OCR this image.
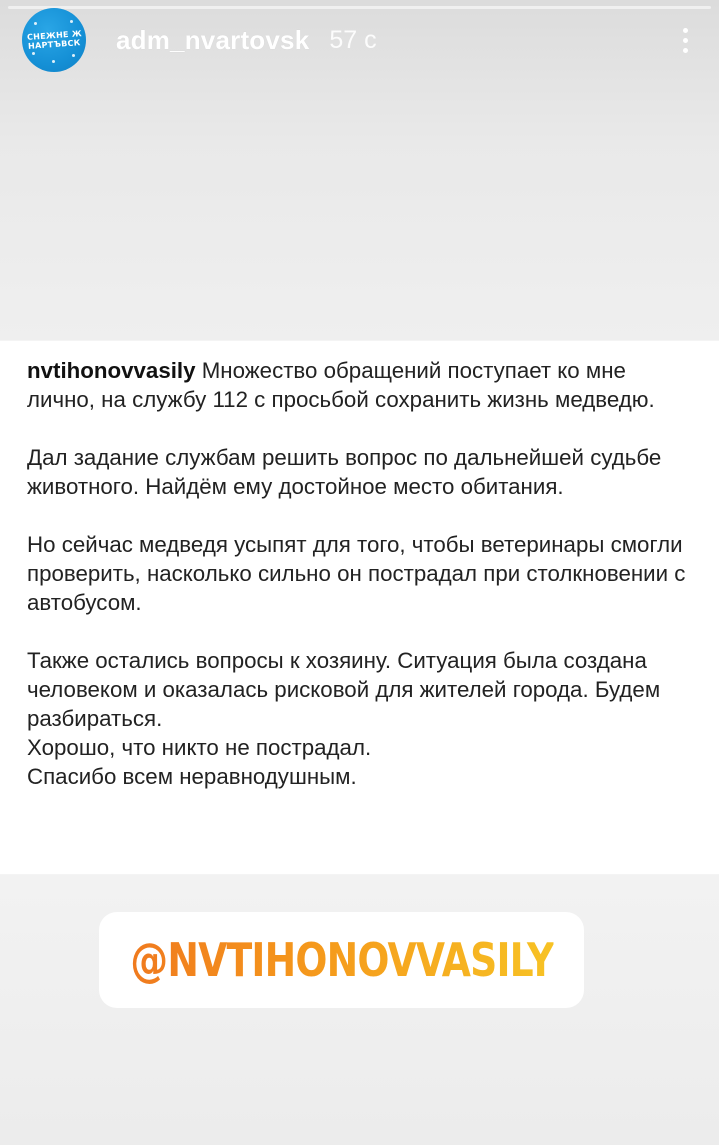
СНЕЖНЕ Ж
НАРТЪВСК adm_nvartovsk 57 с

nvtihonovvasily Множество обращений поступает ко мне лично, на службу 112 с просьбой сохранить жизнь медведю.

Дал задание службам решить вопрос по дальнейшей судьбе животного. Найдём ему достойное место обитания.

Но сейчас медведя усыпят для того, чтобы ветеринары смогли проверить, насколько сильно он пострадал при столкновении с автобусом.

Также остались вопросы к хозяину. Ситуация была создана человеком и оказалась рисковой для жителей города. Будем разбираться.

Хорошо, что никто не пострадал.

Спасибо всем неравнодушным.

@NVTIHONOVVASILY
